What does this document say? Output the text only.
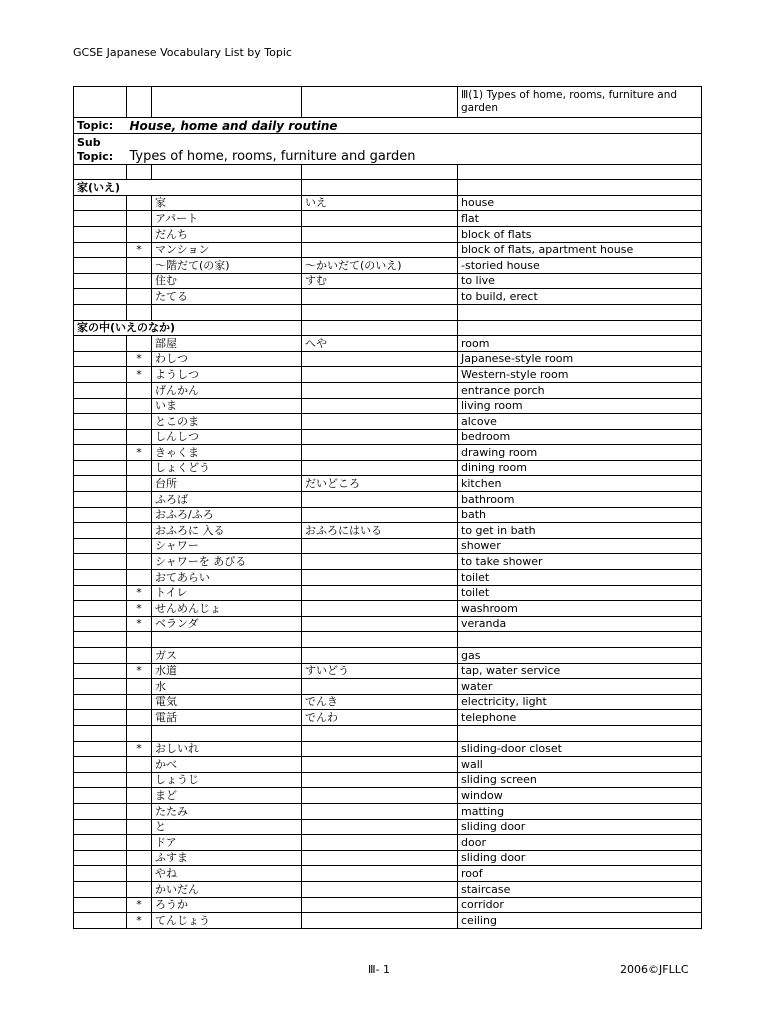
GCSE Japanese Vocabulary List by Topic
				Ⅲ(1) Types of home, rooms, furniture and garden
Topic:	House, home and daily routine			
Sub
Topic:	Types of home, rooms, furniture and garden			

家(いえ)				
		家	いえ	house
		アパート		flat
		だんち		block of flats
	*	マンション		block of flats, apartment house
		〜階だて(の家)	〜かいだて(のいえ)	-storied house
		住む	すむ	to live
		たてる		to build, erect

家の中(いえのなか)				
		部屋	へや	room
	*	わしつ		Japanese-style room
	*	ようしつ		Western-style room
		げんかん		entrance porch
		いま		living room
		とこのま		alcove
		しんしつ		bedroom
	*	きゃくま		drawing room
		しょくどう		dining room
		台所	だいどころ	kitchen
		ふろば		bathroom
		おふろ/ふろ		bath
		おふろに 入る	おふろにはいる	to get in bath
		シャワー		shower
		シャワーを あびる		to take shower
		おてあらい		toilet
	*	トイレ		toilet
	*	せんめんじょ		washroom
	*	ベランダ		veranda

		ガス		gas
	*	水道	すいどう	tap, water service
		水		water
		電気	でんき	electricity, light
		電話	でんわ	telephone

	*	おしいれ		sliding-door closet
		かべ		wall
		しょうじ		sliding screen
		まど		window
		たたみ		matting
		と		sliding door
		ドア		door
		ふすま		sliding door
		やね		roof
		かいだん		staircase
	*	ろうか		corridor
	*	てんじょう		ceiling
Ⅲ- 1	2006©JFLLC
